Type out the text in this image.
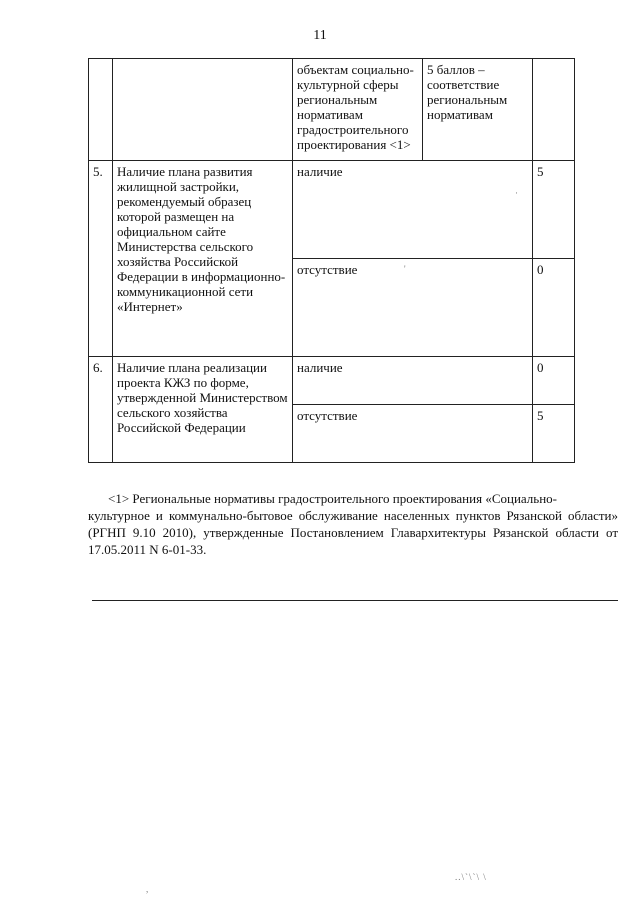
11
		объектам социально-культурной сферы региональным нормативам градостроительного проектирования <1>	5 баллов – соответствие региональным нормативам	
5.	Наличие плана развития жилищной застройки, рекомендуемый образец которой размещен на официальном сайте Министерства сельского хозяйства Российской Федерации в информационно-коммуникационной сети «Интернет»	наличие		5
		отсутствие		0
6.	Наличие плана реализации проекта КЖЗ по форме, утвержденной Министерством сельского хозяйства Российской Федерации	наличие		0
		отсутствие		5
<1> Региональные нормативы градостроительного проектирования «Социально-
культурное и коммунально-бытовое обслуживание населенных пунктов Рязанской области» (РГНП 9.10 2010), утвержденные Постановлением Главархитектуры Рязанской области от 17.05.2011 N 6-01-33.
·
'
..\`\`\ \
,
